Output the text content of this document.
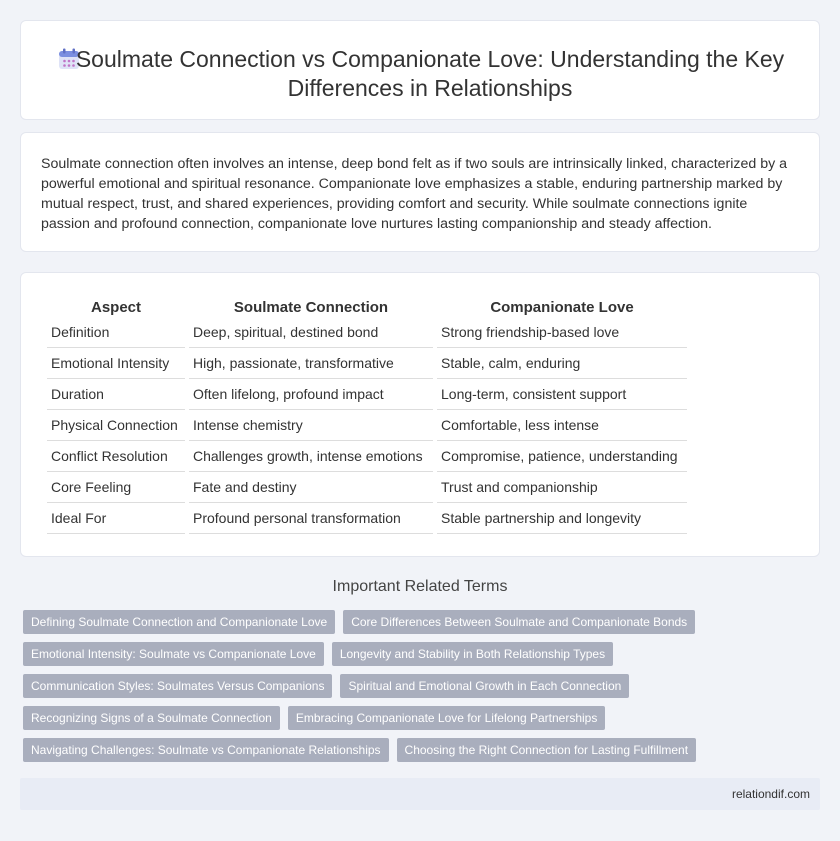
Soulmate Connection vs Companionate Love: Understanding the Key Differences in Relationships

Soulmate connection often involves an intense, deep bond felt as if two souls are intrinsically linked, characterized by a powerful emotional and spiritual resonance. Companionate love emphasizes a stable, enduring partnership marked by mutual respect, trust, and shared experiences, providing comfort and security. While soulmate connections ignite passion and profound connection, companionate love nurtures lasting companionship and steady affection.

Aspect	Soulmate Connection	Companionate Love
Definition	Deep, spiritual, destined bond	Strong friendship-based love
Emotional Intensity	High, passionate, transformative	Stable, calm, enduring
Duration	Often lifelong, profound impact	Long-term, consistent support
Physical Connection	Intense chemistry	Comfortable, less intense
Conflict Resolution	Challenges growth, intense emotions	Compromise, patience, understanding
Core Feeling	Fate and destiny	Trust and companionship
Ideal For	Profound personal transformation	Stable partnership and longevity
Important Related Terms
Defining Soulmate Connection and Companionate Love	Core Differences Between Soulmate and Companionate Bonds
Emotional Intensity: Soulmate vs Companionate Love	Longevity and Stability in Both Relationship Types
Communication Styles: Soulmates Versus Companions	Spiritual and Emotional Growth in Each Connection
Recognizing Signs of a Soulmate Connection	Embracing Companionate Love for Lifelong Partnerships
Navigating Challenges: Soulmate vs Companionate Relationships	Choosing the Right Connection for Lasting Fulfillment
relationdif.com
